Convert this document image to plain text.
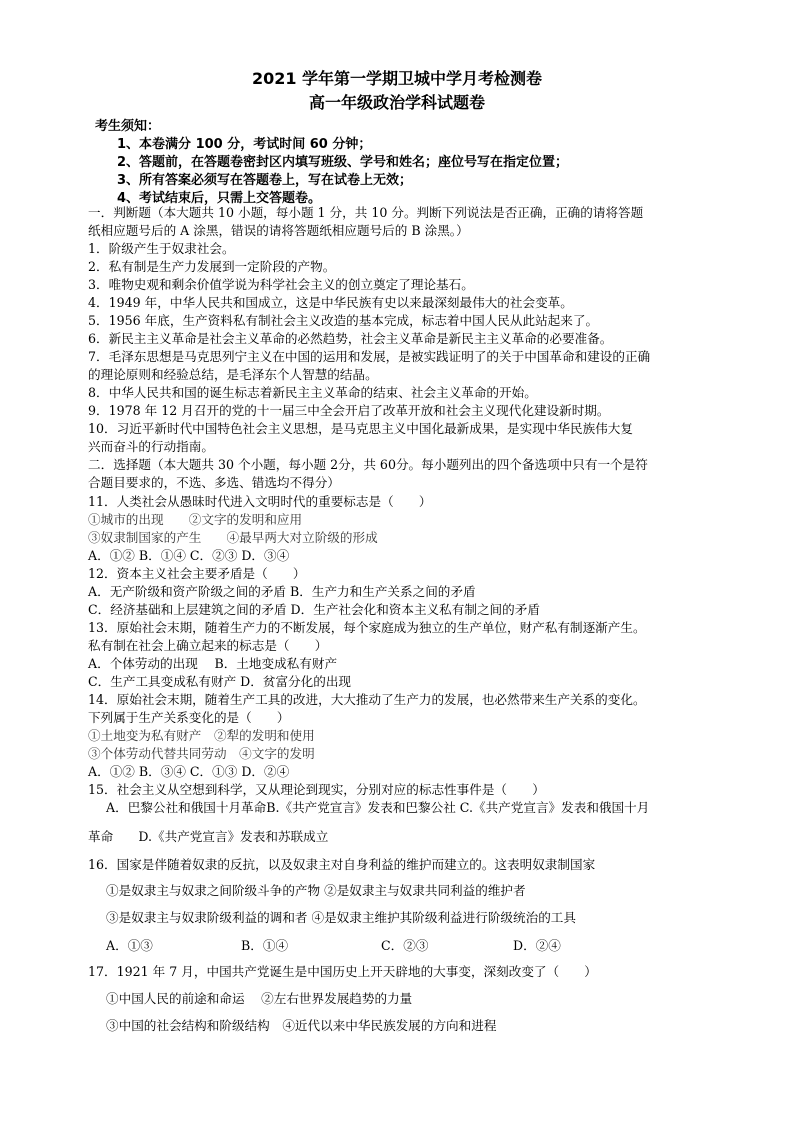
2021 学年第一学期卫城中学月考检测卷
高一年级政治学科试题卷
考生须知：
1、本卷满分 100 分，考试时间 60 分钟；
2、答题前，在答题卷密封区内填写班级、学号和姓名；座位号写在指定位置；
3、所有答案必须写在答题卷上，写在试卷上无效；
4、考试结束后，只需上交答题卷。
一．判断题（本大题共 10 小题，每小题 1 分，共 10 分。判断下列说法是否正确，正确的请将答题
纸相应题号后的 A 涂黑，错误的请将答题纸相应题号后的 B 涂黑。）
1．阶级产生于奴隶社会。
2．私有制是生产力发展到一定阶段的产物。
3．唯物史观和剩余价值学说为科学社会主义的创立奠定了理论基石。
4．1949 年，中华人民共和国成立，这是中华民族有史以来最深刻最伟大的社会变革。
5．1956 年底，生产资料私有制社会主义改造的基本完成，标志着中国人民从此站起来了。
6．新民主主义革命是社会主义革命的必然趋势，社会主义革命是新民主主义革命的必要准备。
7．毛泽东思想是马克思列宁主义在中国的运用和发展，是被实践证明了的关于中国革命和建设的正确
的理论原则和经验总结，是毛泽东个人智慧的结晶。
8．中华人民共和国的诞生标志着新民主主义革命的结束、社会主义革命的开始。
9．1978 年 12 月召开的党的十一届三中全会开启了改革开放和社会主义现代化建设新时期。
10．习近平新时代中国特色社会主义思想，是马克思主义中国化最新成果，是实现中华民族伟大复
兴而奋斗的行动指南。
二．选择题（本大题共 30 个小题，每小题 2分，共 60分。每小题列出的四个备选项中只有一个是符
合题目要求的，不选、多选、错选均不得分）
11．人类社会从愚昧时代进入文明时代的重要标志是（　　）
①城市的出现　　②文字的发明和应用
③奴隶制国家的产生　　④最早两大对立阶级的形成
A．①② B．①④ C．②③ D．③④
12．资本主义社会主要矛盾是（　　）
A．无产阶级和资产阶级之间的矛盾 B．生产力和生产关系之间的矛盾
C．经济基础和上层建筑之间的矛盾 D．生产社会化和资本主义私有制之间的矛盾
13．原始社会末期，随着生产力的不断发展，每个家庭成为独立的生产单位，财产私有制逐渐产生。
私有制在社会上确立起来的标志是（　　）
A．个体劳动的出现　 B．土地变成私有财产
C．生产工具变成私有财产 D．贫富分化的出现
14．原始社会末期，随着生产工具的改进，大大推动了生产力的发展，也必然带来生产关系的变化。
下列属于生产关系变化的是（　　）
①土地变为私有财产　②犁的发明和使用
③个体劳动代替共同劳动　④文字的发明
A．①② B．③④ C．①③ D．②④
15．社会主义从空想到科学，又从理论到现实，分别对应的标志性事件是（　　）
A．巴黎公社和俄国十月革命B.《共产党宣言》发表和巴黎公社 C.《共产党宣言》发表和俄国十月
革命　　D.《共产党宣言》发表和苏联成立
16．国家是伴随着奴隶的反抗，以及奴隶主对自身利益的维护而建立的。这表明奴隶制国家
①是奴隶主与奴隶之间阶级斗争的产物 ②是奴隶主与奴隶共同利益的维护者
③是奴隶主与奴隶阶级利益的调和者 ④是奴隶主维护其阶级利益进行阶级统治的工具
A．①③	B．①④	C．②③	D．②④
17．1921 年 7 月，中国共产党诞生是中国历史上开天辟地的大事变，深刻改变了（　　）
①中国人民的前途和命运　 ②左右世界发展趋势的力量
③中国的社会结构和阶级结构　④近代以来中华民族发展的方向和进程
